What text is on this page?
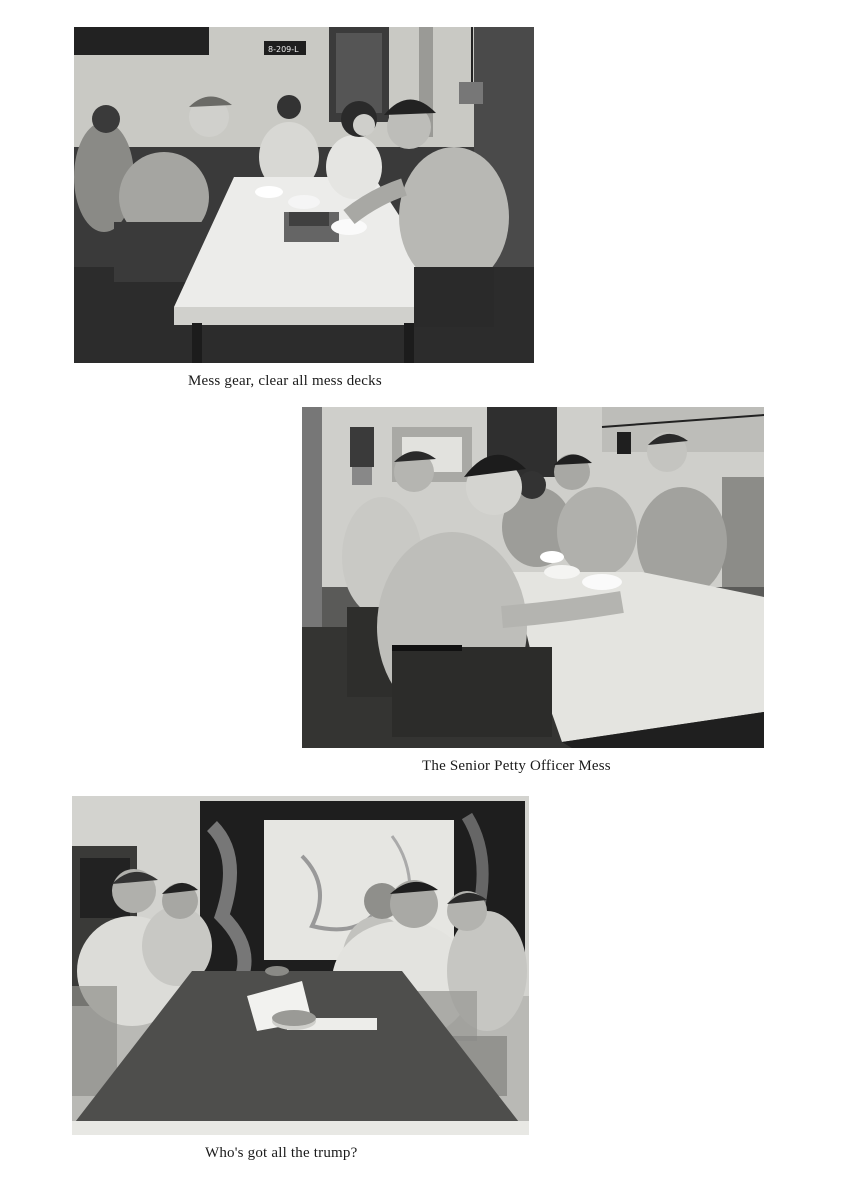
8-209-L
Mess gear, clear all mess decks
The Senior Petty Officer Mess
Who's got all the trump?
